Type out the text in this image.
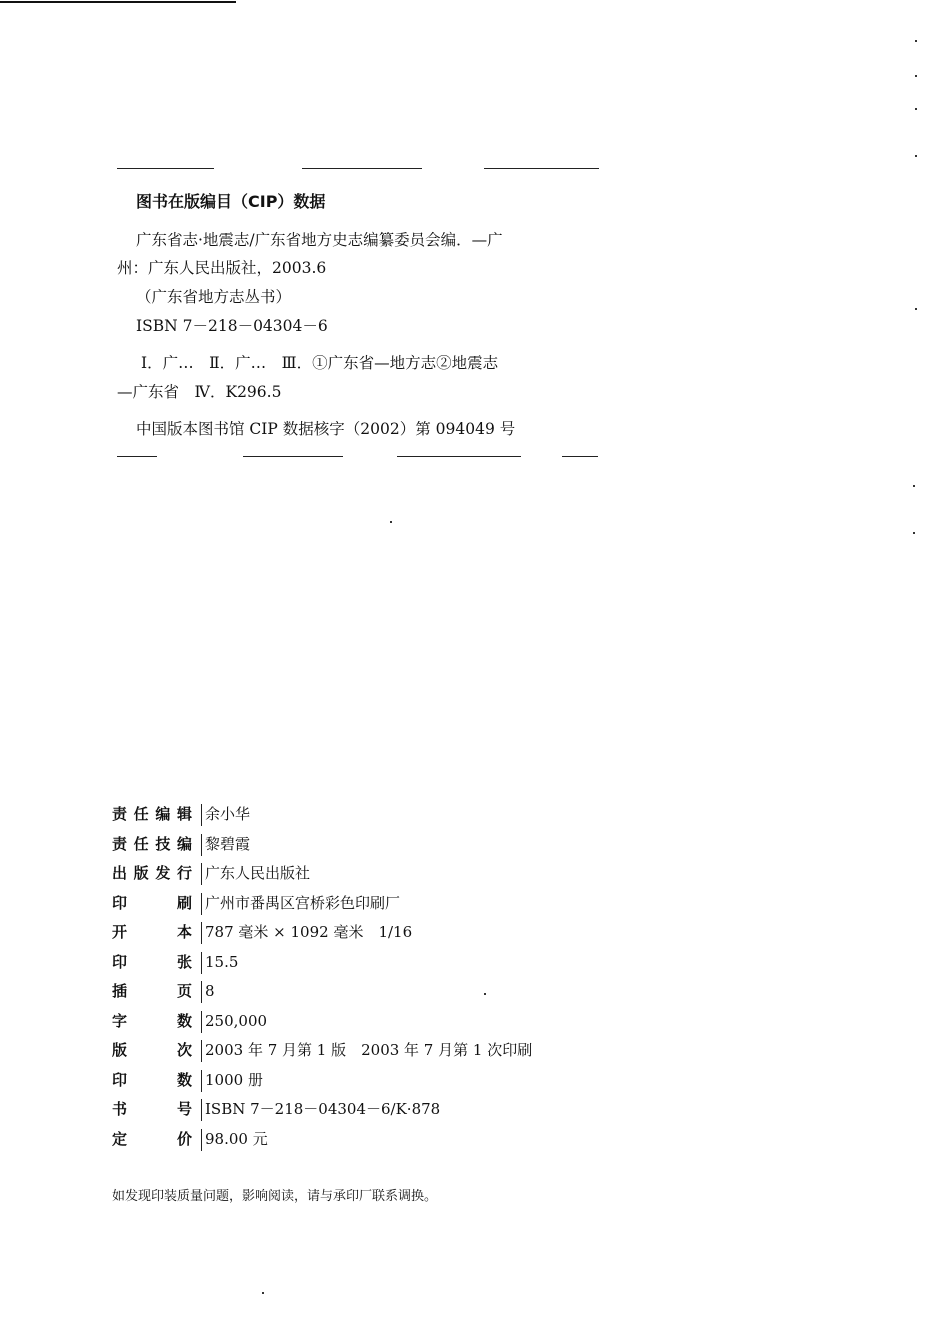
图书在版编目（CIP）数据
广东省志·地震志/广东省地方史志编纂委员会编．—广
州：广东人民出版社，2003.6
（广东省地方志丛书）
ISBN 7－218－04304－6
Ⅰ．广…　Ⅱ．广…　Ⅲ．①广东省—地方志②地震志
—广东省　Ⅳ．K296.5
中国版本图书馆 CIP 数据核字（2002）第 094049 号
责任编辑 余小华
责任技编 黎碧霞
出版发行 广东人民出版社
印刷 广州市番禺区宫桥彩色印刷厂
开本 787 毫米 × 1092 毫米　1/16
印张 15.5
插页 8
字数 250,000
版次 2003 年 7 月第 1 版　2003 年 7 月第 1 次印刷
印数 1000 册
书号 ISBN 7－218－04304－6/K·878
定价 98.00 元
如发现印装质量问题，影响阅读，请与承印厂联系调换。
